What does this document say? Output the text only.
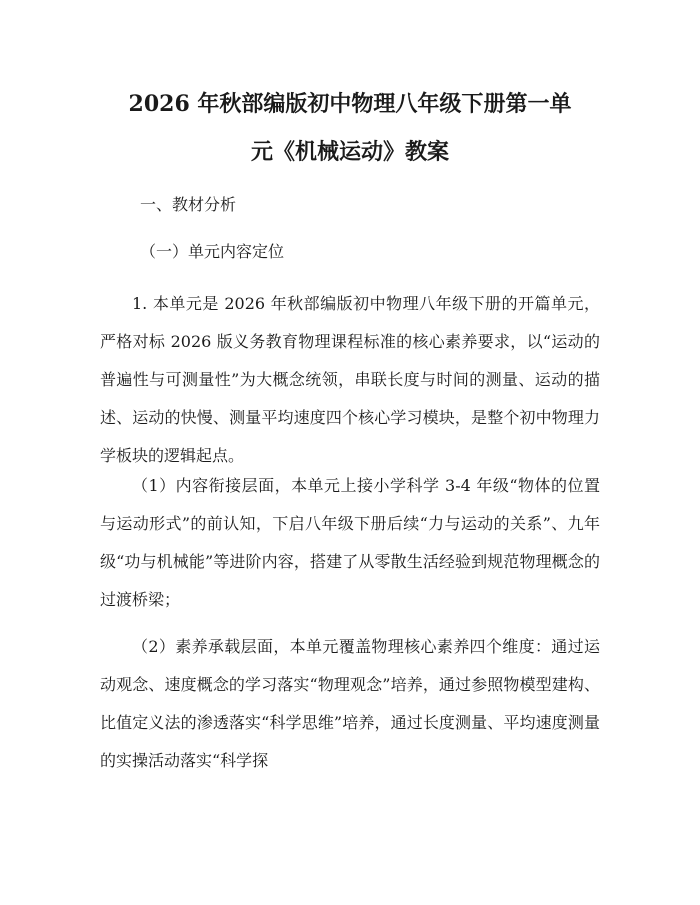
2026 年秋部编版初中物理八年级下册第一单
元《机械运动》教案

一、教材分析

（一）单元内容定位

1. 本单元是 2026 年秋部编版初中物理八年级下册的开篇单元，严格对标 2026 版义务教育物理课程标准的核心素养要求，以“运动的普遍性与可测量性”为大概念统领，串联长度与时间的测量、运动的描述、运动的快慢、测量平均速度四个核心学习模块，是整个初中物理力学板块的逻辑起点。

（1）内容衔接层面，本单元上接小学科学 3-4 年级“物体的位置与运动形式”的前认知，下启八年级下册后续“力与运动的关系”、九年级“功与机械能”等进阶内容，搭建了从零散生活经验到规范物理概念的过渡桥梁；

（2）素养承载层面，本单元覆盖物理核心素养四个维度：通过运动观念、速度概念的学习落实“物理观念”培养，通过参照物模型建构、比值定义法的渗透落实“科学思维”培养，通过长度测量、平均速度测量的实操活动落实“科学探
